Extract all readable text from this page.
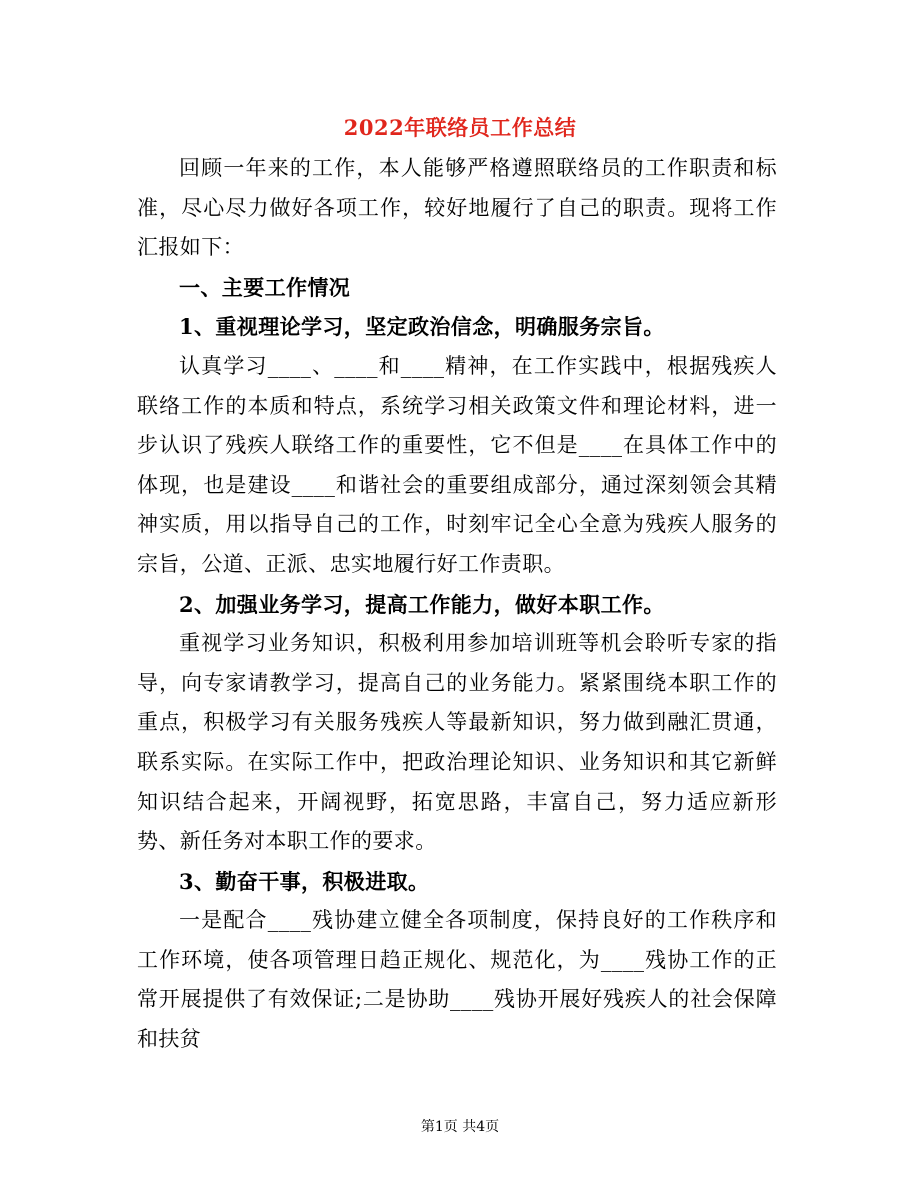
2022年联络员工作总结

回顾一年来的工作，本人能够严格遵照联络员的工作职责和标准，尽心尽力做好各项工作，较好地履行了自己的职责。现将工作汇报如下：

一、主要工作情况

1、重视理论学习，坚定政治信念，明确服务宗旨。

认真学习____、____和____精神，在工作实践中，根据残疾人联络工作的本质和特点，系统学习相关政策文件和理论材料，进一步认识了残疾人联络工作的重要性，它不但是____在具体工作中的体现，也是建设____和谐社会的重要组成部分，通过深刻领会其精神实质，用以指导自己的工作，时刻牢记全心全意为残疾人服务的宗旨，公道、正派、忠实地履行好工作责职。

2、加强业务学习，提高工作能力，做好本职工作。

重视学习业务知识，积极利用参加培训班等机会聆听专家的指导，向专家请教学习，提高自己的业务能力。紧紧围绕本职工作的重点，积极学习有关服务残疾人等最新知识，努力做到融汇贯通，联系实际。在实际工作中，把政治理论知识、业务知识和其它新鲜知识结合起来，开阔视野，拓宽思路，丰富自己，努力适应新形势、新任务对本职工作的要求。

3、勤奋干事，积极进取。

一是配合____残协建立健全各项制度，保持良好的工作秩序和工作环境，使各项管理日趋正规化、规范化，为____残协工作的正常开展提供了有效保证;二是协助____残协开展好残疾人的社会保障和扶贫

第1页 共4页
